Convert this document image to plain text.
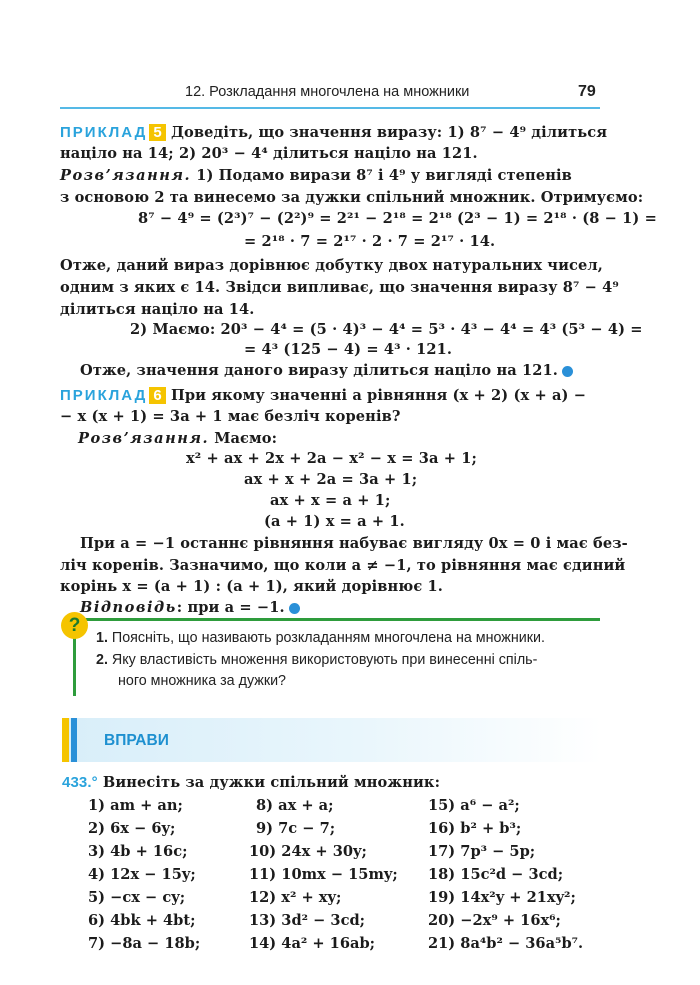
12. Розкладання многочлена на множники	79
ПРИКЛАД 5 Доведіть, що значення виразу: 1) 8⁷ − 4⁹ ділиться
націло на 14; 2) 20³ − 4⁴ ділиться націло на 121.
Розв’язання. 1) Подамо вирази 8⁷ і 4⁹ у вигляді степенів
з основою 2 та винесемо за дужки спільний множник. Отримуємо:
8⁷ − 4⁹ = (2³)⁷ − (2²)⁹ = 2²¹ − 2¹⁸ = 2¹⁸ (2³ − 1) = 2¹⁸ · (8 − 1) =
= 2¹⁸ · 7 = 2¹⁷ · 2 · 7 = 2¹⁷ · 14.
Отже, даний вираз дорівнює добутку двох натуральних чисел,
одним з яких є 14. Звідси випливає, що значення виразу 8⁷ − 4⁹
ділиться націло на 14.
2) Маємо: 20³ − 4⁴ = (5 · 4)³ − 4⁴ = 5³ · 4³ − 4⁴ = 4³ (5³ − 4) =
= 4³ (125 − 4) = 4³ · 121.
Отже, значення даного виразу ділиться націло на 121.
ПРИКЛАД 6 При якому значенні a рівняння (x + 2) (x + a) −
− x (x + 1) = 3a + 1 має безліч коренів?
Розв’язання. Маємо:
x² + ax + 2x + 2a − x² − x = 3a + 1;
ax + x + 2a = 3a + 1;
ax + x = a + 1;
(a + 1) x = a + 1.
При a = −1 останнє рівняння набуває вигляду 0x = 0 і має без-
ліч коренів. Зазначимо, що коли a ≠ −1, то рівняння має єдиний
корінь x = (a + 1) : (a + 1), який дорівнює 1.
Відповідь: при a = −1.
?
1. Поясніть, що називають розкладанням многочлена на множники.
2. Яку властивість множення використовують при винесенні спіль-
ного множника за дужки?
ВПРАВИ
433.° Винесіть за дужки спільний множник:
1) am + an;
2) 6x − 6y;
3) 4b + 16c;
4) 12x − 15y;
5) −cx − cy;
6) 4bk + 4bt;
7) −8a − 18b;
8) ax + a;
9) 7c − 7;
10) 24x + 30y;
11) 10mx − 15my;
12) x² + xy;
13) 3d² − 3cd;
14) 4a² + 16ab;
15) a⁶ − a²;
16) b² + b³;
17) 7p³ − 5p;
18) 15c²d − 3cd;
19) 14x²y + 21xy²;
20) −2x⁹ + 16x⁶;
21) 8a⁴b² − 36a⁵b⁷.
